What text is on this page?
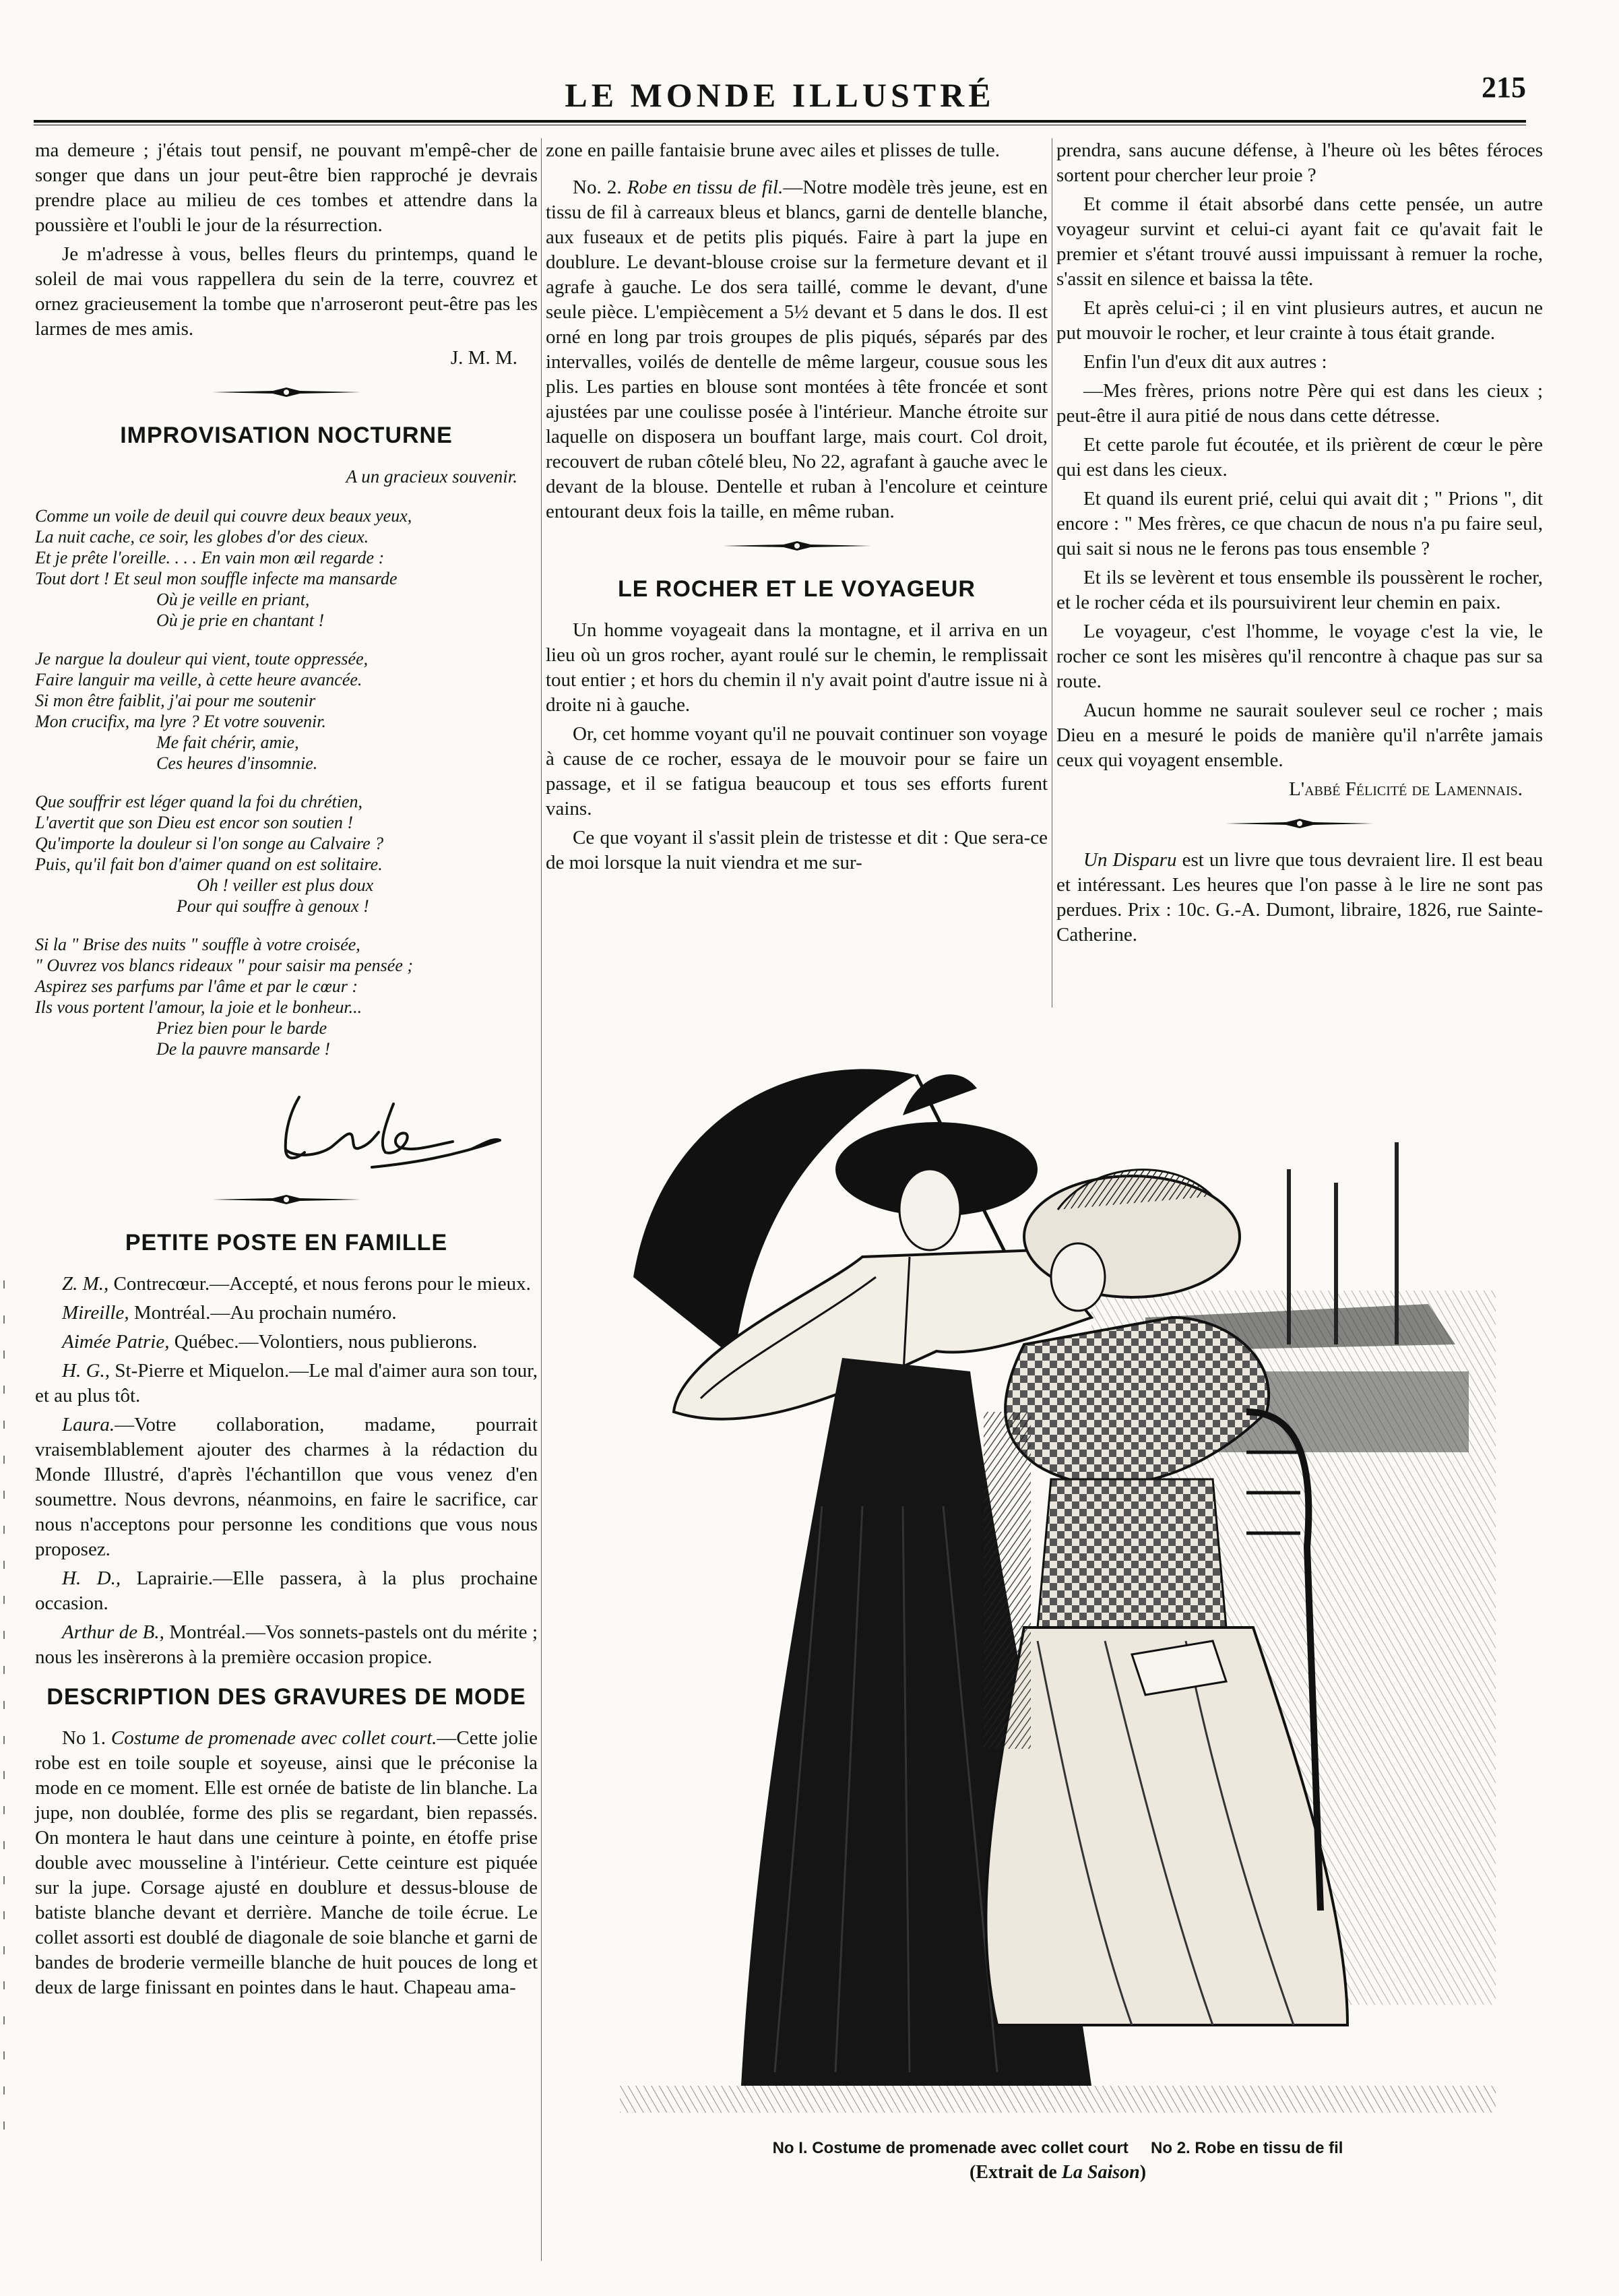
LE MONDE ILLUSTRÉ	215

ma demeure ; j'étais tout pensif, ne pouvant m'empê-cher de songer que dans un jour peut-être bien rapproché je devrais prendre place au milieu de ces tombes et attendre dans la poussière et l'oubli le jour de la résurrection.

Je m'adresse à vous, belles fleurs du printemps, quand le soleil de mai vous rappellera du sein de la terre, couvrez et ornez gracieusement la tombe que n'arroseront peut-être pas les larmes de mes amis.

J. M. M.
IMPROVISATION NOCTURNE
A un gracieux souvenir.
Comme un voile de deuil qui couvre deux beaux yeux,
La nuit cache, ce soir, les globes d'or des cieux.
Et je prête l'oreille. . . . En vain mon œil regarde :
Tout dort ! Et seul mon souffle infecte ma mansarde
Où je veille en priant,
Où je prie en chantant !
Je nargue la douleur qui vient, toute oppressée,
Faire languir ma veille, à cette heure avancée.
Si mon être faiblit, j'ai pour me soutenir
Mon crucifix, ma lyre ? Et votre souvenir.
Me fait chérir, amie,
Ces heures d'insomnie.
Que souffrir est léger quand la foi du chrétien,
L'avertit que son Dieu est encor son soutien !
Qu'importe la douleur si l'on songe au Calvaire ?
Puis, qu'il fait bon d'aimer quand on est solitaire.
Oh ! veiller est plus doux
Pour qui souffre à genoux !
Si la " Brise des nuits " souffle à votre croisée,
" Ouvrez vos blancs rideaux " pour saisir ma pensée ;
Aspirez ses parfums par l'âme et par le cœur :
Ils vous portent l'amour, la joie et le bonheur...
Priez bien pour le barde
De la pauvre mansarde !
PETITE POSTE EN FAMILLE

Z. M., Contrecœur.—Accepté, et nous ferons pour le mieux.

Mireille, Montréal.—Au prochain numéro.

Aimée Patrie, Québec.—Volontiers, nous publierons.

H. G., St-Pierre et Miquelon.—Le mal d'aimer aura son tour, et au plus tôt.

Laura.—Votre collaboration, madame, pourrait vraisemblablement ajouter des charmes à la rédaction du Monde Illustré, d'après l'échantillon que vous venez d'en soumettre. Nous devrons, néanmoins, en faire le sacrifice, car nous n'acceptons pour personne les conditions que vous nous proposez.

H. D., Laprairie.—Elle passera, à la plus prochaine occasion.

Arthur de B., Montréal.—Vos sonnets-pastels ont du mérite ; nous les insèrerons à la première occasion propice.

DESCRIPTION DES GRAVURES DE MODE

No 1. Costume de promenade avec collet court.—Cette jolie robe est en toile souple et soyeuse, ainsi que le préconise la mode en ce moment. Elle est ornée de batiste de lin blanche. La jupe, non doublée, forme des plis se regardant, bien repassés. On montera le haut dans une ceinture à pointe, en étoffe prise double avec mousseline à l'intérieur. Cette ceinture est piquée sur la jupe. Corsage ajusté en doublure et dessus-blouse de batiste blanche devant et derrière. Manche de toile écrue. Le collet assorti est doublé de diagonale de soie blanche et garni de bandes de broderie vermeille blanche de huit pouces de long et deux de large finissant en pointes dans le haut. Chapeau ama-

zone en paille fantaisie brune avec ailes et plisses de tulle.

No. 2. Robe en tissu de fil.—Notre modèle très jeune, est en tissu de fil à carreaux bleus et blancs, garni de dentelle blanche, aux fuseaux et de petits plis piqués. Faire à part la jupe en doublure. Le devant-blouse croise sur la fermeture devant et il agrafe à gauche. Le dos sera taillé, comme le devant, d'une seule pièce. L'empiècement a 5½ devant et 5 dans le dos. Il est orné en long par trois groupes de plis piqués, séparés par des intervalles, voilés de dentelle de même largeur, cousue sous les plis. Les parties en blouse sont montées à tête froncée et sont ajustées par une coulisse posée à l'intérieur. Manche étroite sur laquelle on disposera un bouffant large, mais court. Col droit, recouvert de ruban côtelé bleu, No 22, agrafant à gauche avec le devant de la blouse. Dentelle et ruban à l'encolure et ceinture entourant deux fois la taille, en même ruban.

LE ROCHER ET LE VOYAGEUR

Un homme voyageait dans la montagne, et il arriva en un lieu où un gros rocher, ayant roulé sur le chemin, le remplissait tout entier ; et hors du chemin il n'y avait point d'autre issue ni à droite ni à gauche.

Or, cet homme voyant qu'il ne pouvait continuer son voyage à cause de ce rocher, essaya de le mouvoir pour se faire un passage, et il se fatigua beaucoup et tous ses efforts furent vains.

Ce que voyant il s'assit plein de tristesse et dit : Que sera-ce de moi lorsque la nuit viendra et me sur-

prendra, sans aucune défense, à l'heure où les bêtes féroces sortent pour chercher leur proie ?

Et comme il était absorbé dans cette pensée, un autre voyageur survint et celui-ci ayant fait ce qu'avait fait le premier et s'étant trouvé aussi impuissant à remuer la roche, s'assit en silence et baissa la tête.

Et après celui-ci ; il en vint plusieurs autres, et aucun ne put mouvoir le rocher, et leur crainte à tous était grande.

Enfin l'un d'eux dit aux autres :

—Mes frères, prions notre Père qui est dans les cieux ; peut-être il aura pitié de nous dans cette détresse.

Et cette parole fut écoutée, et ils prièrent de cœur le père qui est dans les cieux.

Et quand ils eurent prié, celui qui avait dit ; " Prions ", dit encore : " Mes frères, ce que chacun de nous n'a pu faire seul, qui sait si nous ne le ferons pas tous ensemble ?

Et ils se levèrent et tous ensemble ils poussèrent le rocher, et le rocher céda et ils poursuivirent leur chemin en paix.

Le voyageur, c'est l'homme, le voyage c'est la vie, le rocher ce sont les misères qu'il rencontre à chaque pas sur sa route.

Aucun homme ne saurait soulever seul ce rocher ; mais Dieu en a mesuré le poids de manière qu'il n'arrête jamais ceux qui voyagent ensemble.

L'abbé Félicité de Lamennais.

Un Disparu est un livre que tous devraient lire. Il est beau et intéressant. Les heures que l'on passe à le lire ne sont pas perdues. Prix : 10c. G.-A. Dumont, libraire, 1826, rue Sainte-Catherine.

No I. Costume de promenade avec collet court     No 2. Robe en tissu de fil
(Extrait de La Saison)
